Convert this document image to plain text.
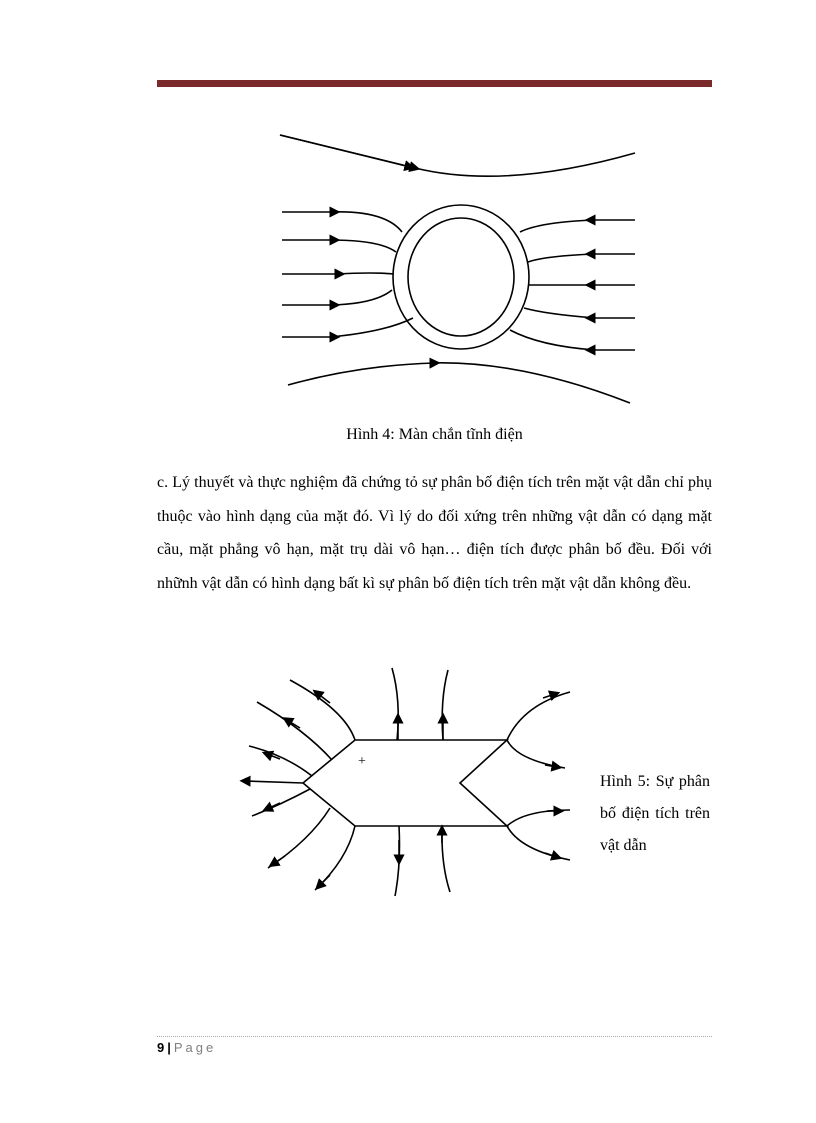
Hình 4: Màn chắn tĩnh điện
c. Lý thuyết và thực nghiệm đã chứng tỏ sự phân bố điện tích trên mặt vật dẫn chỉ phụ thuộc vào hình dạng của mặt đó. Vì lý do đối xứng trên những vật dẫn có dạng mặt cầu, mặt phẳng vô hạn, mặt trụ dài vô hạn… điện tích được phân bố đều. Đối với nhữnh vật dẫn có hình dạng bất kì sự phân bố điện tích trên mặt vật dẫn không đều.
+
Hình 5: Sự phân bố điện tích trên vật dẫn
9 | Page
